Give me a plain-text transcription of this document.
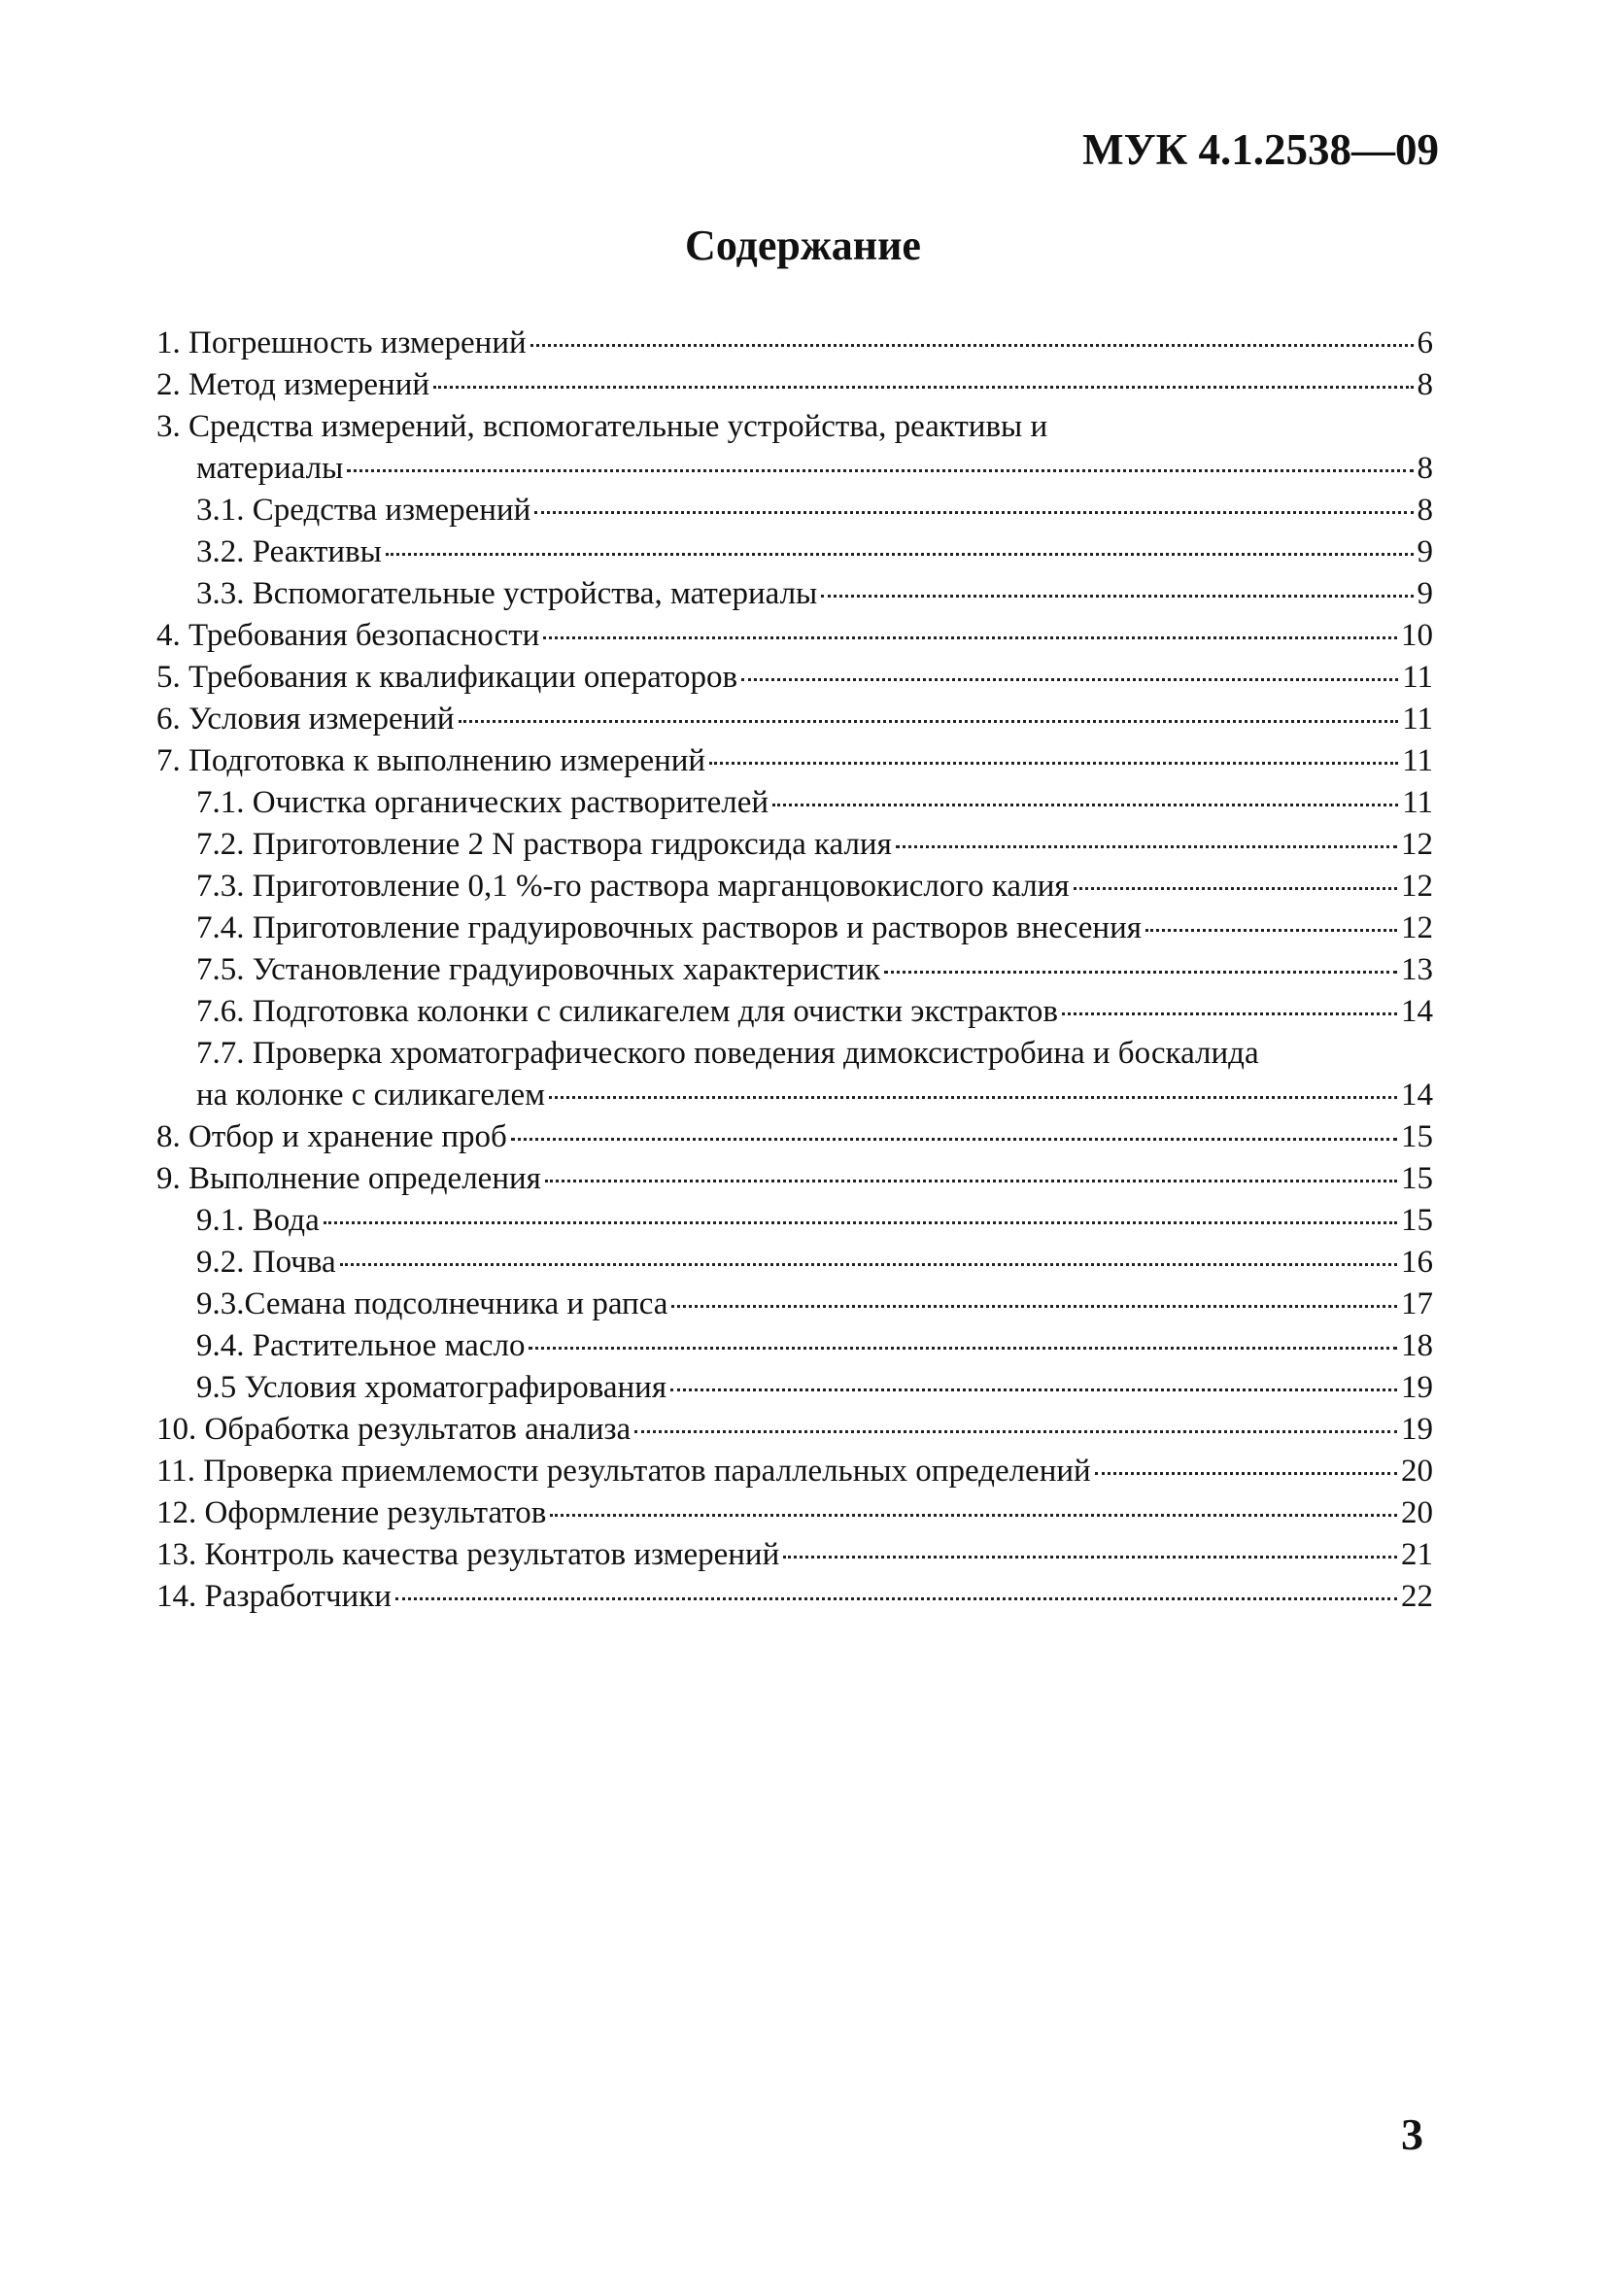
МУК 4.1.2538—09
Содержание
1. Погрешность измерений	6
2. Метод измерений	8
3. Средства измерений, вспомогательные устройства, реактивы и
материалы	8
3.1. Средства измерений	8
3.2. Реактивы	9
3.3. Вспомогательные устройства, материалы	9
4. Требования безопасности	10
5. Требования к квалификации операторов	11
6. Условия измерений	11
7. Подготовка к выполнению измерений	11
7.1. Очистка органических растворителей	11
7.2. Приготовление 2 N раствора гидроксида калия	12
7.3. Приготовление 0,1 %-го раствора марганцовокислого калия	12
7.4. Приготовление градуировочных растворов и растворов внесения	12
7.5. Установление градуировочных характеристик	13
7.6. Подготовка колонки с силикагелем для очистки экстрактов	14
7.7. Проверка хроматографического поведения димоксистробина и боскалида
на колонке с силикагелем	14
8. Отбор и хранение проб	15
9. Выполнение определения	15
9.1. Вода	15
9.2. Почва	16
9.3.Семана подсолнечника и рапса	17
9.4. Растительное масло	18
9.5 Условия хроматографирования	19
10. Обработка результатов анализа	19
11. Проверка приемлемости результатов параллельных определений	20
12. Оформление результатов	20
13. Контроль качества результатов измерений	21
14. Разработчики	22
3
